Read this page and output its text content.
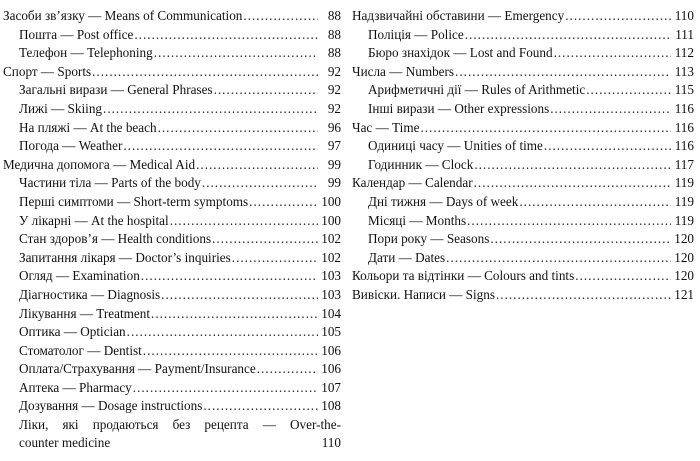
Засоби зв’язку — Means of Communication .....	88
Пошта — Post office .....	88
Телефон — Telephoning .....	88
Спорт — Sports .....	92
Загальні вирази — General Phrases .....	92
Лижі — Skiing .....	92
На пляжі — At the beach .....	96
Погода — Weather .....	97
Медична допомога — Medical Aid .....	99
Частини тіла — Parts of the body .....	99
Перші симптоми — Short-term symptoms .....	100
У лікарні — At the hospital .....	100
Стан здоров’я — Health conditions .....	102
Запитання лікаря — Doctor’s inquiries .....	102
Огляд — Examination .....	103
Діагностика — Diagnosis .....	103
Лікування — Treatment .....	104
Оптика — Optician .....	105
Стоматолог — Dentist .....	106
Оплата/Страхування — Payment/Insurance .....	106
Аптека — Pharmacy .....	107
Дозування — Dosage instructions .....	108
Ліки, які продаються без рецепта — Over-the-
counter medicine	110
Надзвичайні обставини — Emergency .....	110
Поліція — Police .....	111
Бюро знахідок — Lost and Found .....	112
Числа — Numbers .....	113
Арифметичні дії — Rules of Arithmetic .....	115
Інші вирази — Other expressions .....	116
Час — Time .....	116
Одиниці часу — Unities of time .....	116
Годинник — Clock .....	117
Календар — Calendar .....	119
Дні тижня — Days of week .....	119
Місяці — Months .....	119
Пори року — Seasons .....	120
Дати — Dates .....	120
Кольори та відтінки — Colours and tints .....	120
Вивіски. Написи — Signs .....	121
